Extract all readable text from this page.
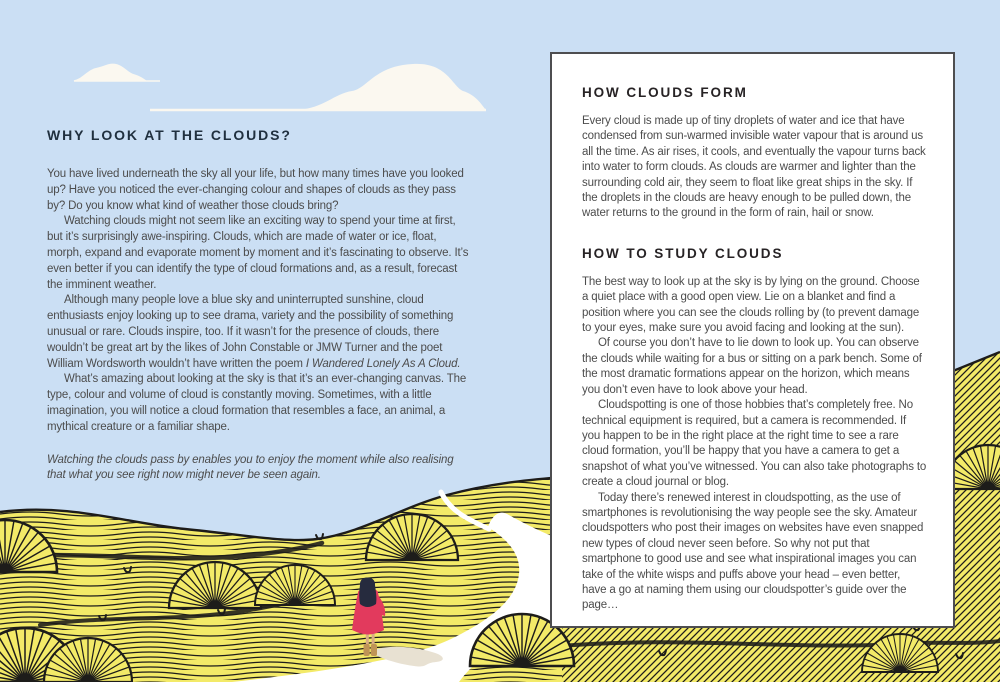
WHY LOOK AT THE CLOUDS?

You have lived underneath the sky all your life, but how many times have you looked up? Have you noticed the ever-changing colour and shapes of clouds as they pass by? Do you know what kind of weather those clouds bring?

Watching clouds might not seem like an exciting way to spend your time at first, but it’s surprisingly awe-inspiring. Clouds, which are made of water or ice, float, morph, expand and evaporate moment by moment and it’s fascinating to observe. It’s even better if you can identify the type of cloud formations and, as a result, forecast the imminent weather.

Although many people love a blue sky and uninterrupted sunshine, cloud enthusiasts enjoy looking up to see drama, variety and the possibility of something unusual or rare. Clouds inspire, too. If it wasn’t for the presence of clouds, there wouldn’t be great art by the likes of John Constable or JMW Turner and the poet William Wordsworth wouldn’t have written the poem I Wandered Lonely As A Cloud.

What’s amazing about looking at the sky is that it’s an ever-changing canvas. The type, colour and volume of cloud is constantly moving. Sometimes, with a little imagination, you will notice a cloud formation that resembles a face, an animal, a mythical creature or a familiar shape.

Watching the clouds pass by enables you to enjoy the moment while also realising that what you see right now might never be seen again.

HOW CLOUDS FORM

Every cloud is made up of tiny droplets of water and ice that have condensed from sun-warmed invisible water vapour that is around us all the time. As air rises, it cools, and eventually the vapour turns back into water to form clouds. As clouds are warmer and lighter than the surrounding cold air, they seem to float like great ships in the sky. If the droplets in the clouds are heavy enough to be pulled down, the water returns to the ground in the form of rain, hail or snow.

HOW TO STUDY CLOUDS

The best way to look up at the sky is by lying on the ground. Choose a quiet place with a good open view. Lie on a blanket and find a position where you can see the clouds rolling by (to prevent damage to your eyes, make sure you avoid facing and looking at the sun).

Of course you don’t have to lie down to look up. You can observe the clouds while waiting for a bus or sitting on a park bench. Some of the most dramatic formations appear on the horizon, which means you don’t even have to look above your head.

Cloudspotting is one of those hobbies that’s completely free. No technical equipment is required, but a camera is recommended. If you happen to be in the right place at the right time to see a rare cloud formation, you’ll be happy that you have a camera to get a snapshot of what you’ve witnessed. You can also take photographs to create a cloud journal or blog.

Today there’s renewed interest in cloudspotting, as the use of smartphones is revolutionising the way people see the sky. Amateur cloudspotters who post their images on websites have even snapped new types of cloud never seen before. So why not put that smartphone to good use and see what inspirational images you can take of the white wisps and puffs above your head – even better, have a go at naming them using our cloudspotter’s guide over the page…
